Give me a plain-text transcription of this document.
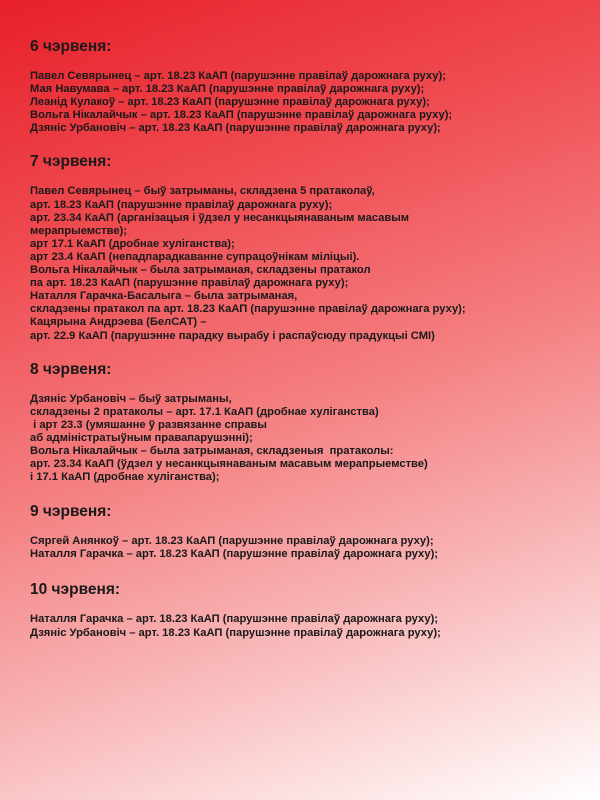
6 чэрвеня:
Павел Севярынец – арт. 18.23 КаАП (парушэнне правілаў дарожнага руху);
Мая Навумава – арт. 18.23 КаАП (парушэнне правілаў дарожнага руху);
Леанід Кулакоў – арт. 18.23 КаАП (парушэнне правілаў дарожнага руху);
Вольга Нікалайчык – арт. 18.23 КаАП (парушэнне правілаў дарожнага руху);
Дзяніс Урбановіч – арт. 18.23 КаАП (парушэнне правілаў дарожнага руху);
7 чэрвеня:
Павел Севярынец – быў затрыманы, складзена 5 пратаколаў,
арт. 18.23 КаАП (парушэнне правілаў дарожнага руху);
арт. 23.34 КаАП (арганізацыя і ўдзел у несанкцыянаваным масавым
мерапрыемстве);
арт 17.1 КаАП (дробнае хуліганства);
арт 23.4 КаАП (непадпарадкаванне супрацоўнікам міліцыі).
Вольга Нікалайчык – была затрыманая, складзены пратакол
па арт. 18.23 КаАП (парушэнне правілаў дарожнага руху);
Наталля Гарачка-Басалыга – была затрыманая,
складзены пратакол па арт. 18.23 КаАП (парушэнне правілаў дарожнага руху);
Кацярына Андрэева (БелСАТ) –
арт. 22.9 КаАП (парушэнне парадку вырабу і распаўсюду прадукцыі СМІ)
8 чэрвеня:
Дзяніс Урбановіч – быў затрыманы,
складзены 2 пратаколы – арт. 17.1 КаАП (дробнае хуліганства)
і арт 23.3 (умяшанне ў развязанне справы
аб адміністратыўным правапарушэнні);
Вольга Нікалайчык – была затрыманая, складзеныя  пратаколы:
арт. 23.34 КаАП (ўдзел у несанкцыянаваным масавым мерапрыемстве)
і 17.1 КаАП (дробнае хуліганства);
9 чэрвеня:
Сяргей Анянкоў – арт. 18.23 КаАП (парушэнне правілаў дарожнага руху);
Наталля Гарачка – арт. 18.23 КаАП (парушэнне правілаў дарожнага руху);
10 чэрвеня:
Наталля Гарачка – арт. 18.23 КаАП (парушэнне правілаў дарожнага руху);
Дзяніс Урбановіч – арт. 18.23 КаАП (парушэнне правілаў дарожнага руху);
